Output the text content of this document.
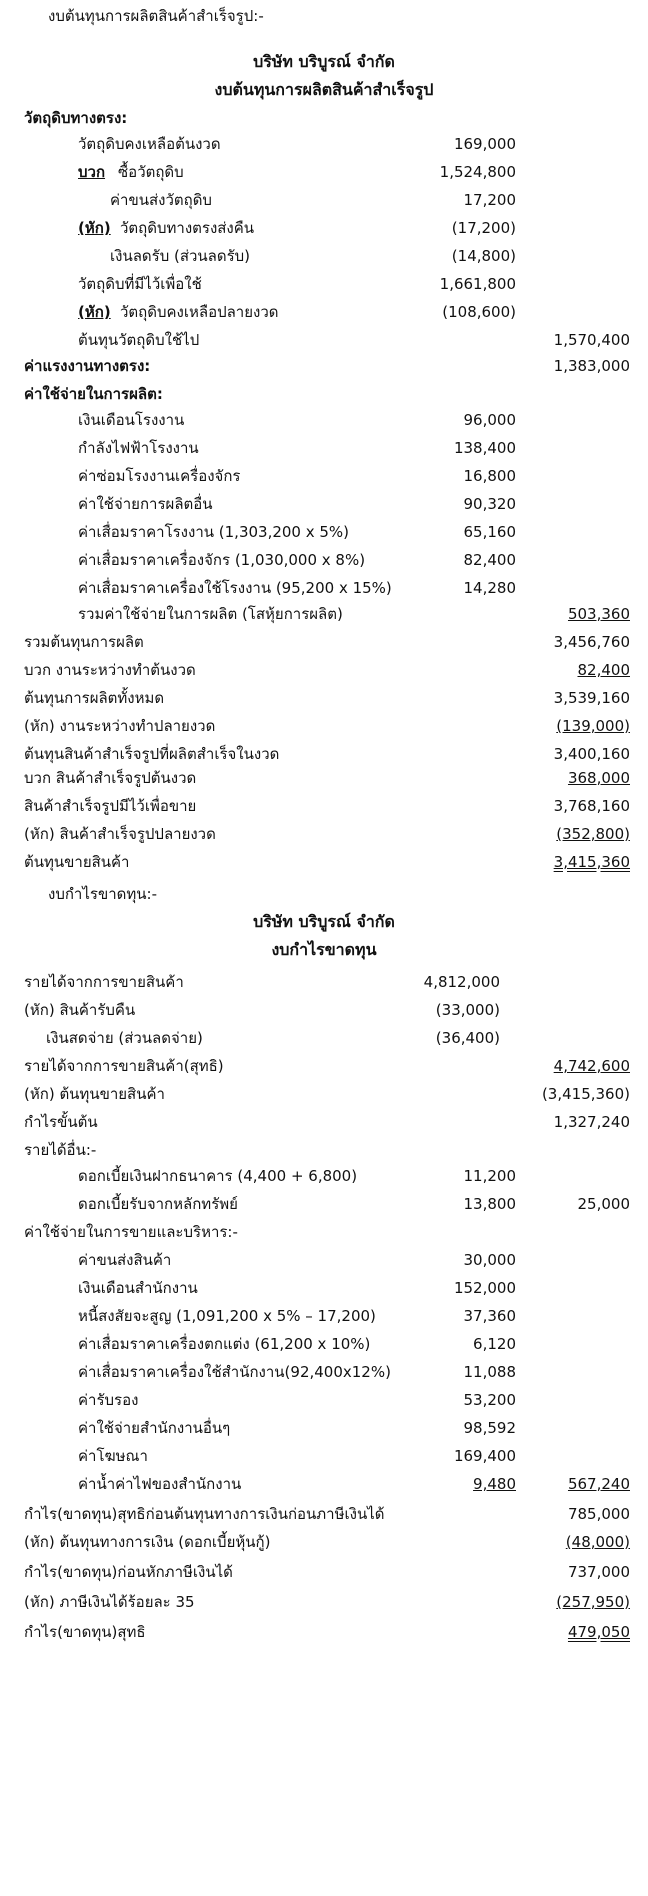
งบต้นทุนการผลิตสินค้าสำเร็จรูป:-
บริษัท บริบูรณ์ จำกัด
งบต้นทุนการผลิตสินค้าสำเร็จรูป
วัตถุดิบทางตรง:
วัตถุดิบคงเหลือต้นงวด	169,000
บวก ซื้อวัตถุดิบ	1,524,800
ค่าขนส่งวัตถุดิบ	17,200
(หัก) วัตถุดิบทางตรงส่งคืน	(17,200)
เงินลดรับ (ส่วนลดรับ)	(14,800)
วัตถุดิบที่มีไว้เพื่อใช้	1,661,800
(หัก) วัตถุดิบคงเหลือปลายงวด	(108,600)
ต้นทุนวัตถุดิบใช้ไป	1,570,400
ค่าแรงงานทางตรง:	1,383,000
ค่าใช้จ่ายในการผลิต:
เงินเดือนโรงงาน	96,000
กำลังไฟฟ้าโรงงาน	138,400
ค่าซ่อมโรงงานเครื่องจักร	16,800
ค่าใช้จ่ายการผลิตอื่น	90,320
ค่าเสื่อมราคาโรงงาน (1,303,200 x 5%)	65,160
ค่าเสื่อมราคาเครื่องจักร (1,030,000 x 8%)	82,400
ค่าเสื่อมราคาเครื่องใช้โรงงาน (95,200 x 15%)	14,280
รวมค่าใช้จ่ายในการผลิต (โสหุ้ยการผลิต)	503,360
รวมต้นทุนการผลิต	3,456,760
บวก งานระหว่างทำต้นงวด	82,400
ต้นทุนการผลิตทั้งหมด	3,539,160
(หัก) งานระหว่างทำปลายงวด	(139,000)
ต้นทุนสินค้าสำเร็จรูปที่ผลิตสำเร็จในงวด	3,400,160
บวก สินค้าสำเร็จรูปต้นงวด	368,000
สินค้าสำเร็จรูปมีไว้เพื่อขาย	3,768,160
(หัก) สินค้าสำเร็จรูปปลายงวด	(352,800)
ต้นทุนขายสินค้า	3,415,360
งบกำไรขาดทุน:-
บริษัท บริบูรณ์ จำกัด
งบกำไรขาดทุน
รายได้จากการขายสินค้า	4,812,000
(หัก) สินค้ารับคืน	(33,000)
เงินสดจ่าย (ส่วนลดจ่าย)	(36,400)
รายได้จากการขายสินค้า(สุทธิ)	4,742,600
(หัก) ต้นทุนขายสินค้า	(3,415,360)
กำไรขั้นต้น	1,327,240
รายได้อื่น:-
ดอกเบี้ยเงินฝากธนาคาร (4,400 + 6,800)	11,200
ดอกเบี้ยรับจากหลักทรัพย์	13,800	25,000
ค่าใช้จ่ายในการขายและบริหาร:-
ค่าขนส่งสินค้า	30,000
เงินเดือนสำนักงาน	152,000
หนี้สงสัยจะสูญ (1,091,200 x 5% – 17,200)	37,360
ค่าเสื่อมราคาเครื่องตกแต่ง (61,200 x 10%)	6,120
ค่าเสื่อมราคาเครื่องใช้สำนักงาน(92,400x12%)	11,088
ค่ารับรอง	53,200
ค่าใช้จ่ายสำนักงานอื่นๆ	98,592
ค่าโฆษณา	169,400
ค่าน้ำค่าไฟของสำนักงาน	9,480	567,240
กำไร(ขาดทุน)สุทธิก่อนต้นทุนทางการเงินก่อนภาษีเงินได้	785,000
(หัก) ต้นทุนทางการเงิน (ดอกเบี้ยหุ้นกู้)	(48,000)
กำไร(ขาดทุน)ก่อนหักภาษีเงินได้	737,000
(หัก) ภาษีเงินได้ร้อยละ 35	(257,950)
กำไร(ขาดทุน)สุทธิ	479,050
